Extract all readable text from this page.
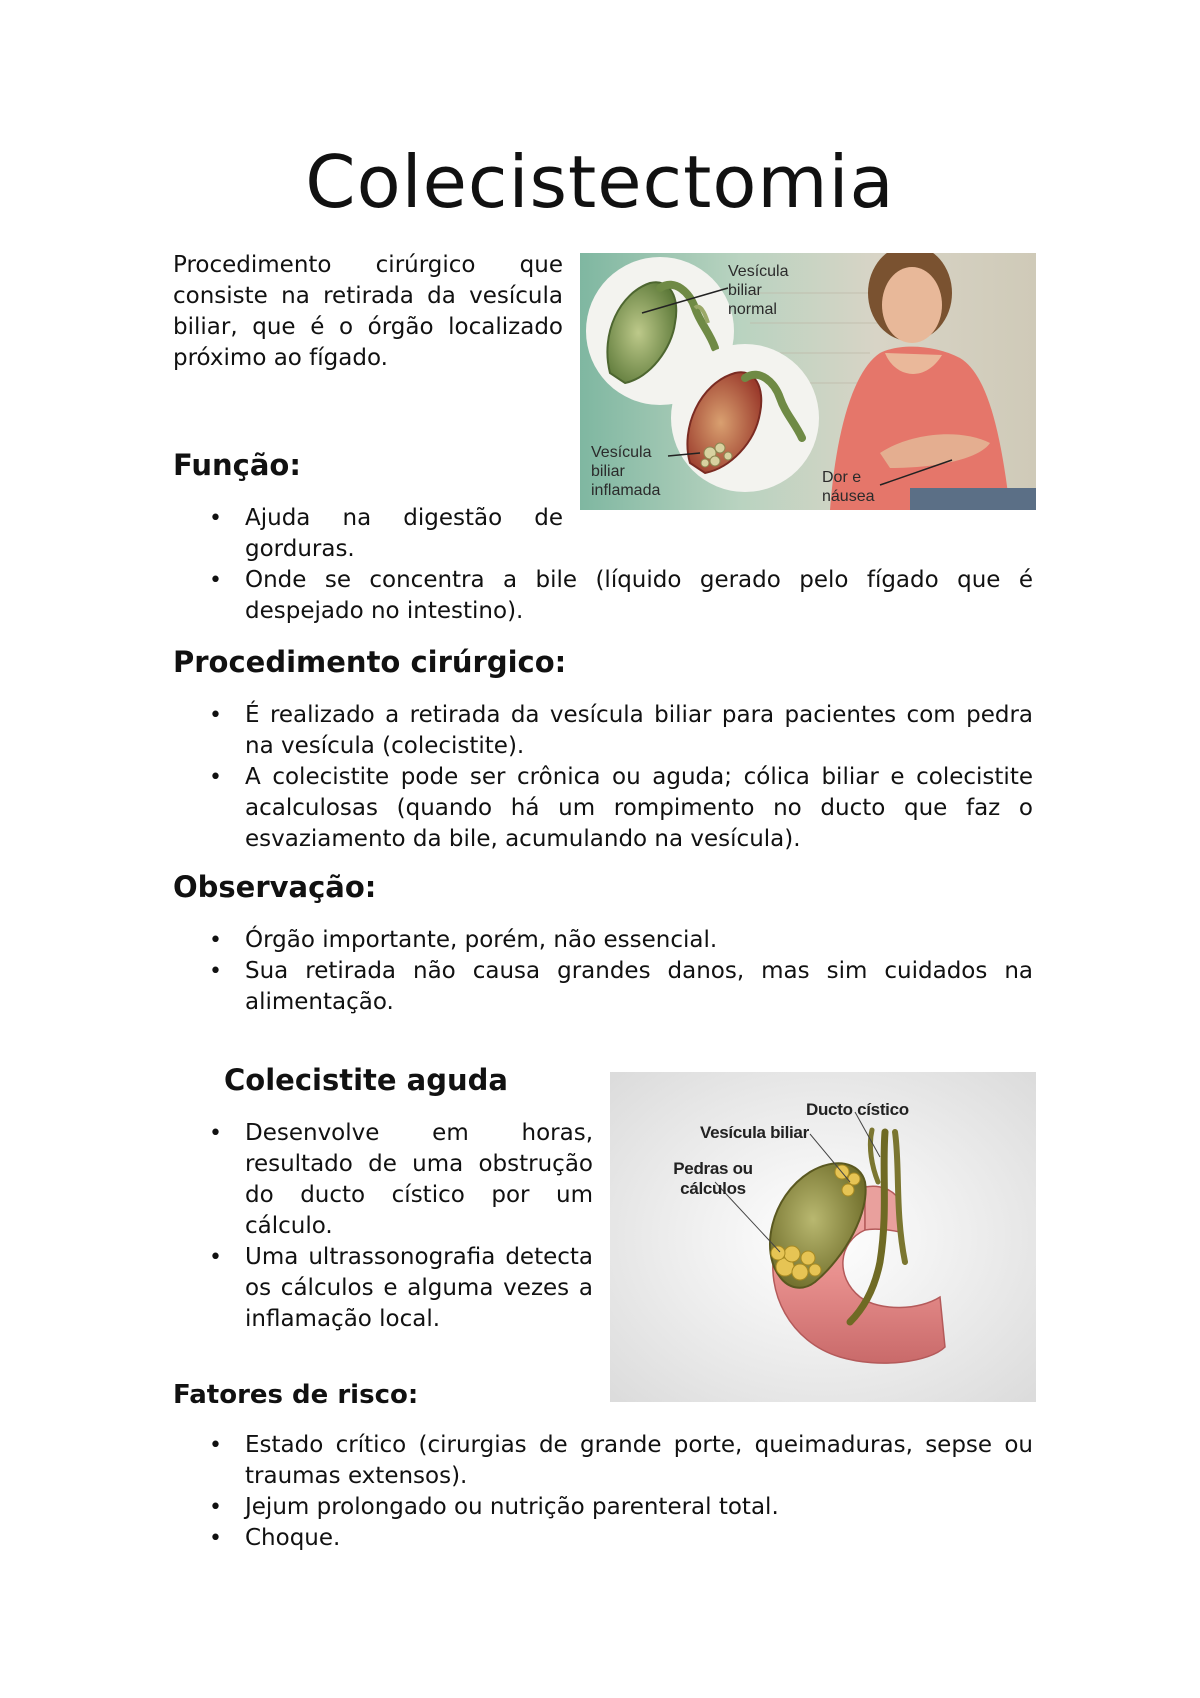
Colecistectomia

Procedimento cirúrgico que consiste na retirada da vesícula biliar, que é o órgão localizado próximo ao fígado.

Vesícula biliar normal
Vesícula biliar inflamada
Dor e náusea
Função:
• Ajuda na digestão de gorduras.
• Onde se concentra a bile (líquido gerado pelo fígado que é despejado no intestino).
Procedimento cirúrgico:
• É realizado a retirada da vesícula biliar para pacientes com pedra na vesícula (colecistite).
• A colecistite pode ser crônica ou aguda; cólica biliar e colecistite acalculosas (quando há um rompimento no ducto que faz o esvaziamento da bile, acumulando na vesícula).
Observação:
• Órgão importante, porém, não essencial.
• Sua retirada não causa grandes danos, mas sim cuidados na alimentação.
Colecistite aguda
• Desenvolve em horas, resultado de uma obstrução do ducto cístico por um cálculo.
• Uma ultrassonografia detecta os cálculos e alguma vezes a inflamação local.
Ducto cístico
Vesícula biliar
Pedras ou cálculos
Fatores de risco:
• Estado crítico (cirurgias de grande porte, queimaduras, sepse ou traumas extensos).
• Jejum prolongado ou nutrição parenteral total.
• Choque.
